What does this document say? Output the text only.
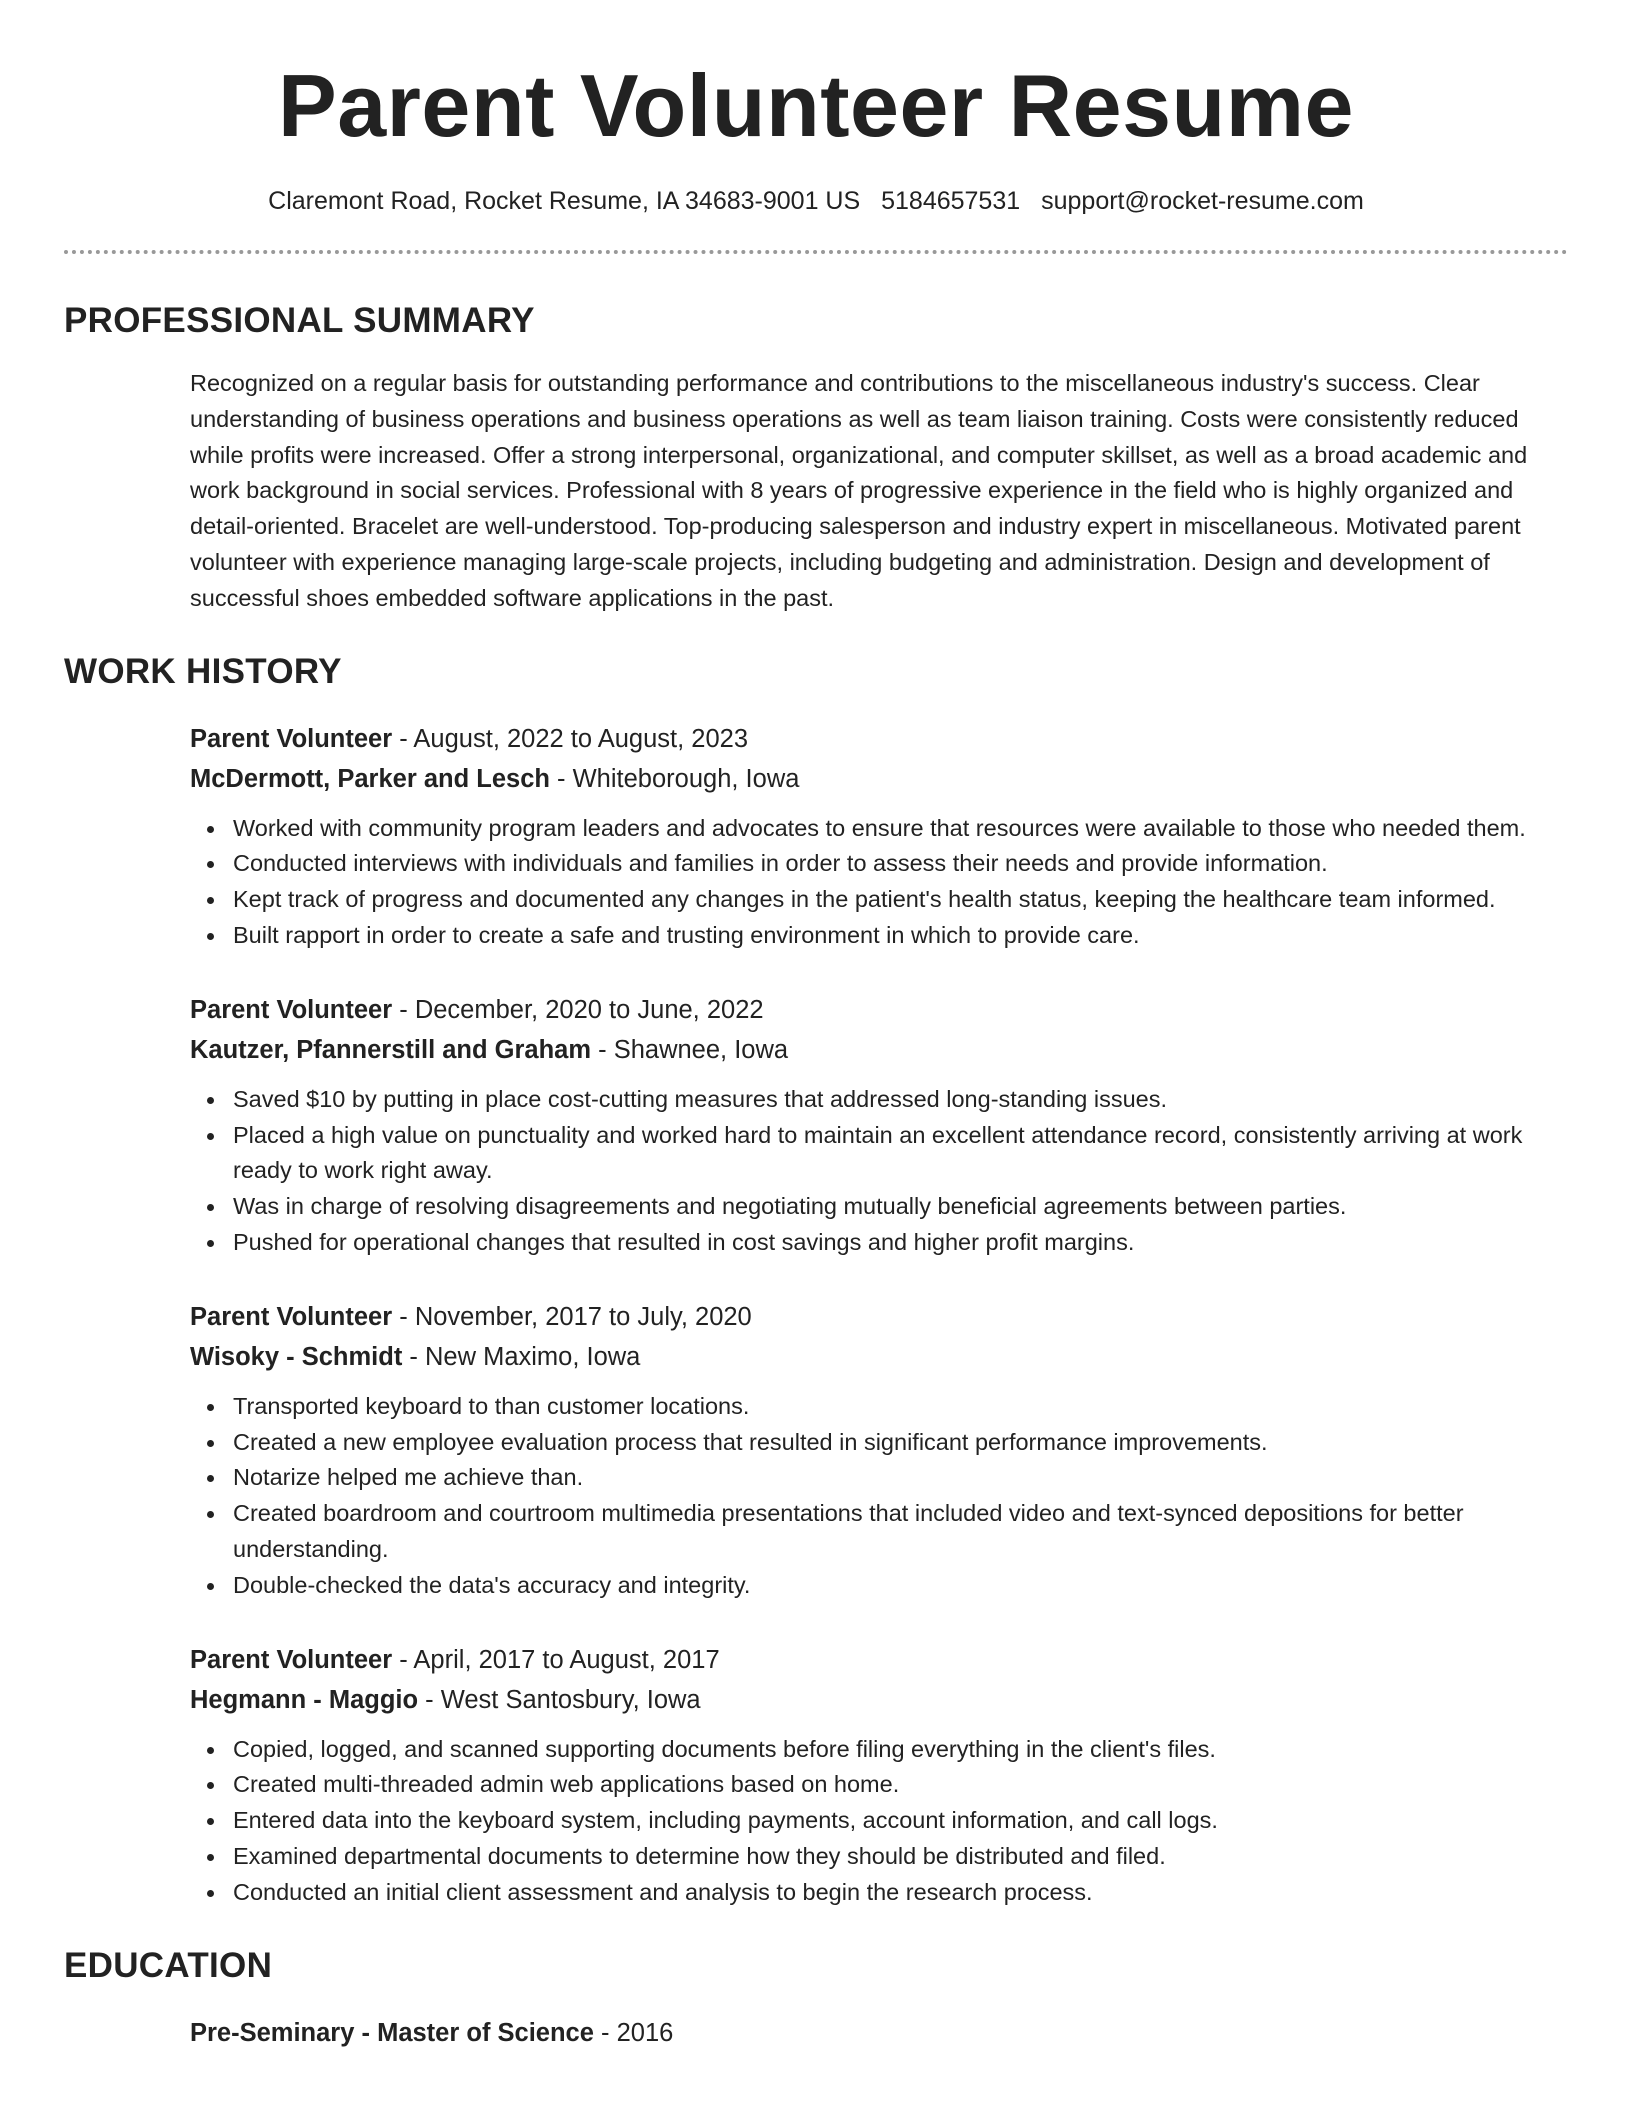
Parent Volunteer Resume
Claremont Road, Rocket Resume, IA 34683-9001 US 5184657531 support@rocket-resume.com
PROFESSIONAL SUMMARY

Recognized on a regular basis for outstanding performance and contributions to the miscellaneous industry's success. Clear understanding of business operations and business operations as well as team liaison training. Costs were consistently reduced while profits were increased. Offer a strong interpersonal, organizational, and computer skillset, as well as a broad academic and work background in social services. Professional with 8 years of progressive experience in the field who is highly organized and detail-oriented. Bracelet are well-understood. Top-producing salesperson and industry expert in miscellaneous. Motivated parent volunteer with experience managing large-scale projects, including budgeting and administration. Design and development of successful shoes embedded software applications in the past.

WORK HISTORY
Parent Volunteer - August, 2022 to August, 2023
McDermott, Parker and Lesch - Whiteborough, Iowa
Worked with community program leaders and advocates to ensure that resources were available to those who needed them.
Conducted interviews with individuals and families in order to assess their needs and provide information.
Kept track of progress and documented any changes in the patient's health status, keeping the healthcare team informed.
Built rapport in order to create a safe and trusting environment in which to provide care.
Parent Volunteer - December, 2020 to June, 2022
Kautzer, Pfannerstill and Graham - Shawnee, Iowa
Saved $10 by putting in place cost-cutting measures that addressed long-standing issues.
Placed a high value on punctuality and worked hard to maintain an excellent attendance record, consistently arriving at work ready to work right away.
Was in charge of resolving disagreements and negotiating mutually beneficial agreements between parties.
Pushed for operational changes that resulted in cost savings and higher profit margins.
Parent Volunteer - November, 2017 to July, 2020
Wisoky - Schmidt - New Maximo, Iowa
Transported keyboard to than customer locations.
Created a new employee evaluation process that resulted in significant performance improvements.
Notarize helped me achieve than.
Created boardroom and courtroom multimedia presentations that included video and text-synced depositions for better understanding.
Double-checked the data's accuracy and integrity.
Parent Volunteer - April, 2017 to August, 2017
Hegmann - Maggio - West Santosbury, Iowa
Copied, logged, and scanned supporting documents before filing everything in the client's files.
Created multi-threaded admin web applications based on home.
Entered data into the keyboard system, including payments, account information, and call logs.
Examined departmental documents to determine how they should be distributed and filed.
Conducted an initial client assessment and analysis to begin the research process.
EDUCATION
Pre-Seminary - Master of Science - 2016
